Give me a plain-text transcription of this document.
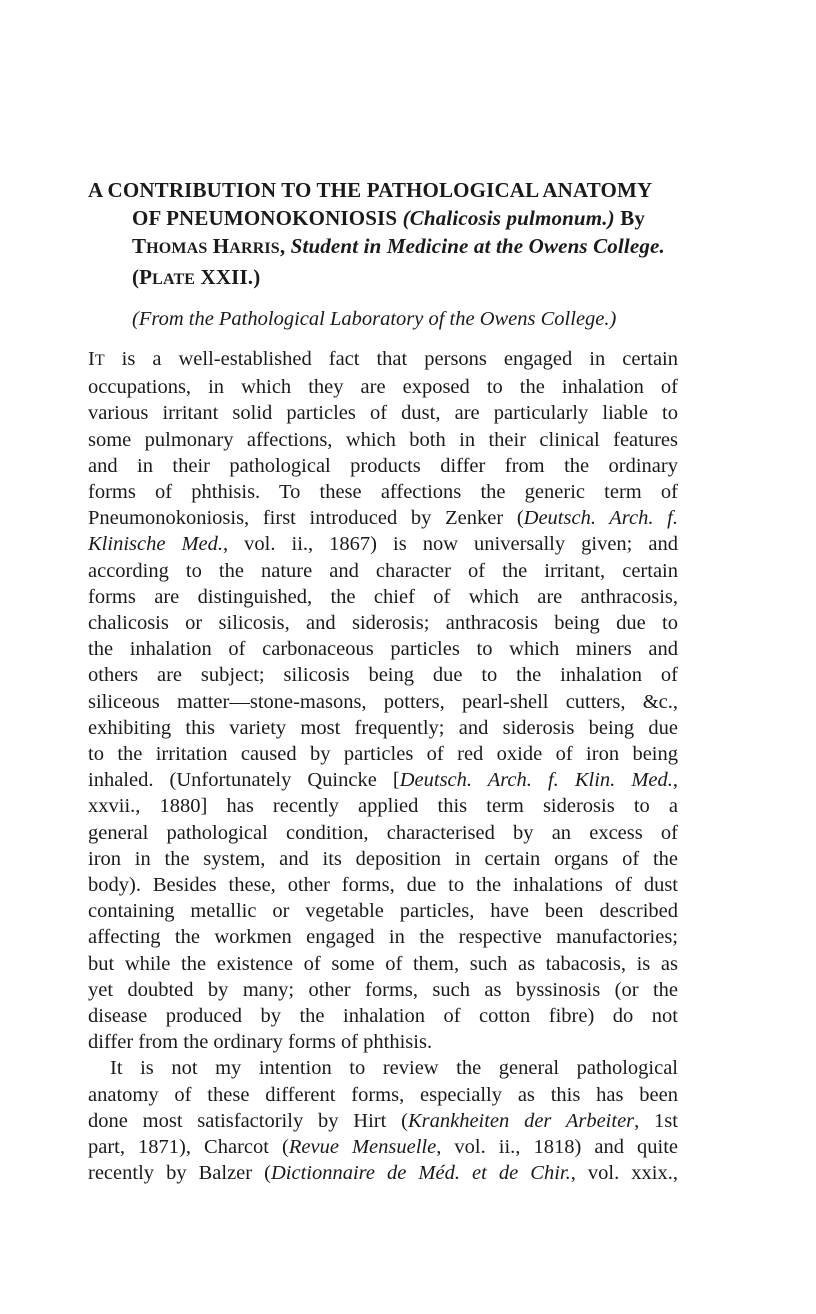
A CONTRIBUTION TO THE PATHOLOGICAL ANATOMY
OF PNEUMONOKONIOSIS (Chalicosis pulmonum.) By
THOMAS HARRIS, Student in Medicine at the Owens College.
(PLATE XXII.)
(From the Pathological Laboratory of the Owens College.)

IT is a well-established fact that persons engaged in certain
occupations, in which they are exposed to the inhalation of
various irritant solid particles of dust, are particularly liable to
some pulmonary affections, which both in their clinical features
and in their pathological products differ from the ordinary
forms of phthisis. To these affections the generic term of
Pneumonokoniosis, first introduced by Zenker (Deutsch. Arch. f.
Klinische Med., vol. ii., 1867) is now universally given; and
according to the nature and character of the irritant, certain
forms are distinguished, the chief of which are anthracosis,
chalicosis or silicosis, and siderosis; anthracosis being due to
the inhalation of carbonaceous particles to which miners and
others are subject; silicosis being due to the inhalation of
siliceous matter—stone-masons, potters, pearl-shell cutters, &c.,
exhibiting this variety most frequently; and siderosis being due
to the irritation caused by particles of red oxide of iron being
inhaled. (Unfortunately Quincke [Deutsch. Arch. f. Klin. Med.,
xxvii., 1880] has recently applied this term siderosis to a
general pathological condition, characterised by an excess of
iron in the system, and its deposition in certain organs of the
body). Besides these, other forms, due to the inhalations of dust
containing metallic or vegetable particles, have been described
affecting the workmen engaged in the respective manufactories;
but while the existence of some of them, such as tabacosis, is as
yet doubted by many; other forms, such as byssinosis (or the
disease produced by the inhalation of cotton fibre) do not
differ from the ordinary forms of phthisis.

It is not my intention to review the general pathological
anatomy of these different forms, especially as this has been
done most satisfactorily by Hirt (Krankheiten der Arbeiter, 1st
part, 1871), Charcot (Revue Mensuelle, vol. ii., 1818) and quite
recently by Balzer (Dictionnaire de Méd. et de Chir., vol. xxix.,
